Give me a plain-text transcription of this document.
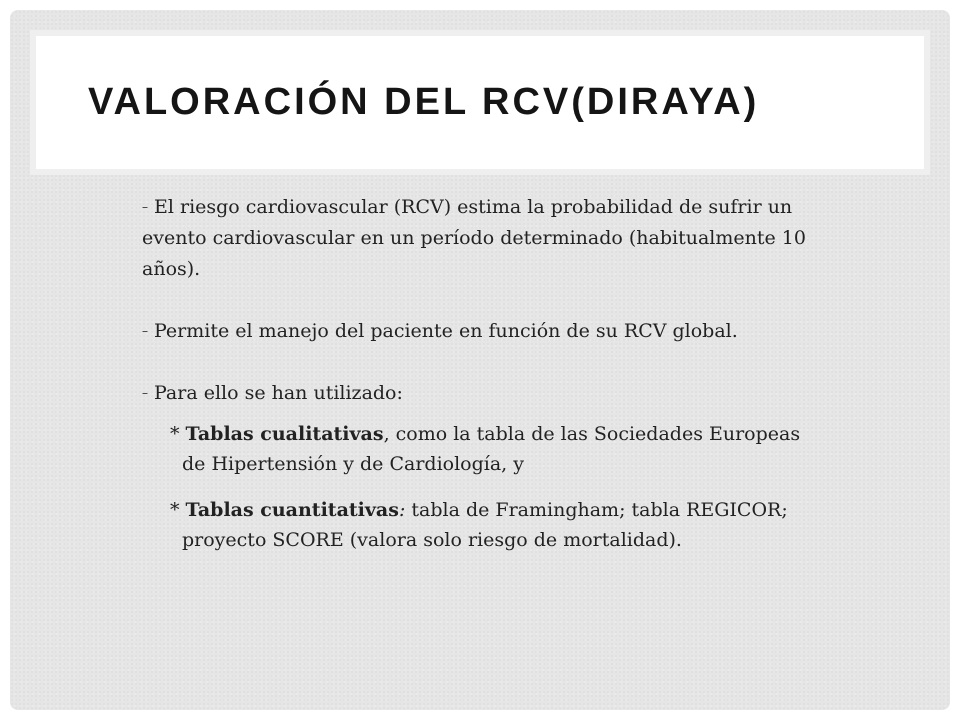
VALORACIÓN DEL RCV(DIRAYA)

– El riesgo cardiovascular (RCV) estima la probabilidad de sufrir un evento cardiovascular en un período determinado (habitualmente 10 años).

– Permite el manejo del paciente en función de su RCV global.

– Para ello se han utilizado:

* Tablas cualitativas, como la tabla de las Sociedades Europeas de Hipertensión y de Cardiología, y

* Tablas cuantitativas: tabla de Framingham; tabla REGICOR; proyecto SCORE (valora solo riesgo de mortalidad).
